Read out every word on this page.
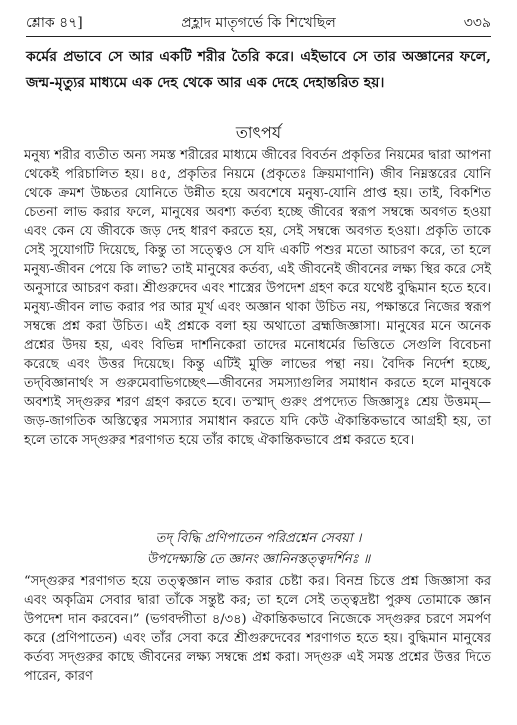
শ্লোক ৪৭]	প্রহ্লাদ মাতৃগর্ভে কি শিখেছিল	৩৩৯
কর্মের প্রভাবে সে আর একটি শরীর তৈরি করে। এইভাবে সে তার অজ্ঞানের ফলে, জন্ম-মৃত্যুর মাধ্যমে এক দেহ থেকে আর এক দেহে দেহান্তরিত হয়।
তাৎপর্য

মনুষ্য শরীর ব্যতীত অন্য সমস্ত শরীরের মাধ্যমে জীবের বিবর্তন প্রকৃতির নিয়মের দ্বারা আপনা থেকেই পরিচালিত হয়। ৪৫, প্রকৃতির নিয়মে (প্রকৃতেঃ ক্রিয়মাণানি) জীব নিম্নস্তরের যোনি থেকে ক্রমশ উচ্চতর যোনিতে উন্নীত হয়ে অবশেষে মনুষ্য-যোনি প্রাপ্ত হয়। তাই, বিকশিত চেতনা লাভ করার ফলে, মানুষের অবশ্য কর্তব্য হচ্ছে জীবের স্বরূপ সম্বন্ধে অবগত হওয়া এবং কেন যে জীবকে জড় দেহ ধারণ করতে হয়, সেই সম্বন্ধে অবগত হওয়া। প্রকৃতি তাকে সেই সুযোগটি দিয়েছে, কিন্তু তা সত্ত্বেও সে যদি একটি পশুর মতো আচরণ করে, তা হলে মনুষ্য-জীবন পেয়ে কি লাভ? তাই মানুষের কর্তব্য, এই জীবনেই জীবনের লক্ষ্য স্থির করে সেই অনুসারে আচরণ করা। শ্রীগুরুদেব এবং শাস্ত্রের উপদেশ গ্রহণ করে যথেষ্ট বুদ্ধিমান হতে হবে। মনুষ্য-জীবন লাভ করার পর আর মূর্খ এবং অজ্ঞান থাকা উচিত নয়, পক্ষান্তরে নিজের স্বরূপ সম্বন্ধে প্রশ্ন করা উচিত। এই প্রশ্নকে বলা হয় অথাতো ব্রহ্মজিজ্ঞাসা। মানুষের মনে অনেক প্রশ্নের উদয় হয়, এবং বিভিন্ন দার্শনিকেরা তাদের মনোধর্মের ভিত্তিতে সেগুলি বিবেচনা করেছে এবং উত্তর দিয়েছে। কিন্তু এটিই মুক্তি লাভের পন্থা নয়। বৈদিক নির্দেশ হচ্ছে, তদ্‌বিজ্ঞানার্থং স গুরুমেবাভিগচ্ছেৎ—জীবনের সমস্যাগুলির সমাধান করতে হলে মানুষকে অবশ্যই সদ্‌গুরুর শরণ গ্রহণ করতে হবে। তস্মাদ্‌ গুরুং প্রপদ্যেত জিজ্ঞাসুঃ শ্রেয় উত্তমম্‌—জড়-জাগতিক অস্তিত্বের সমস্যার সমাধান করতে যদি কেউ ঐকান্তিকভাবে আগ্রহী হয়, তা হলে তাকে সদ্‌গুরুর শরণাগত হয়ে তাঁর কাছে ঐকান্তিকভাবে প্রশ্ন করতে হবে।

তদ্‌ বিদ্ধি প্রণিপাতেন পরিপ্রশ্নেন সেবয়া ।
উপদেক্ষ্যন্তি তে জ্ঞানং জ্ঞানিনস্তত্ত্বদর্শিনঃ ॥

“সদ্‌গুরুর শরণাগত হয়ে তত্ত্বজ্ঞান লাভ করার চেষ্টা কর। বিনম্র চিত্তে প্রশ্ন জিজ্ঞাসা কর এবং অকৃত্রিম সেবার দ্বারা তাঁকে সন্তুষ্ট কর; তা হলে সেই তত্ত্বদ্রষ্টা পুরুষ তোমাকে জ্ঞান উপদেশ দান করবেন।” (ভগবদ্গীতা ৪/৩৪) ঐকান্তিকভাবে নিজেকে সদ্‌গুরুর চরণে সমর্পণ করে (প্রণিপাতেন) এবং তাঁর সেবা করে শ্রীগুরুদেবের শরণাগত হতে হয়। বুদ্ধিমান মানুষের কর্তব্য সদ্‌গুরুর কাছে জীবনের লক্ষ্য সম্বন্ধে প্রশ্ন করা। সদ্‌গুরু এই সমস্ত প্রশ্নের উত্তর দিতে পারেন, কারণ
